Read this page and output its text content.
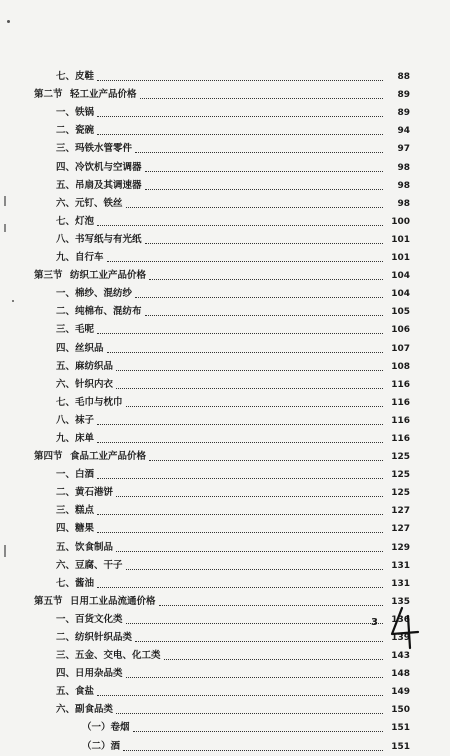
七、 皮鞋	88
第二节 轻工业产品价格	89
一、 铁锅	89
二、 瓷碗	94
三、 玛铁水管零件	97
四、 冷饮机与空调器	98
五、 吊扇及其调速器	98
六、 元钉、铁丝	98
七、 灯泡	100
八、 书写纸与有光纸	101
九、 自行车	101
第三节 纺织工业产品价格	104
一、 棉纱、混纺纱	104
二、 纯棉布、混纺布	105
三、 毛呢	106
四、 丝织品	107
五、 麻纺织品	108
六、 针织内衣	116
七、 毛巾与枕巾	116
八、 袜子	116
九、 床单	116
第四节 食品工业产品价格	125
一、 白酒	125
二、 黄石港饼	125
三、 糕点	127
四、 糖果	127
五、 饮食制品	129
六、 豆腐、干子	131
七、 酱油	131
第五节 日用工业品流通价格	135
一、 百货文化类	136
二、 纺织针织品类	139
三、 五金、交电、化工类	143
四、 日用杂品类	148
五、 食盐	149
六、 副食品类	150
（一） 卷烟	151
（二） 酒	151
3
